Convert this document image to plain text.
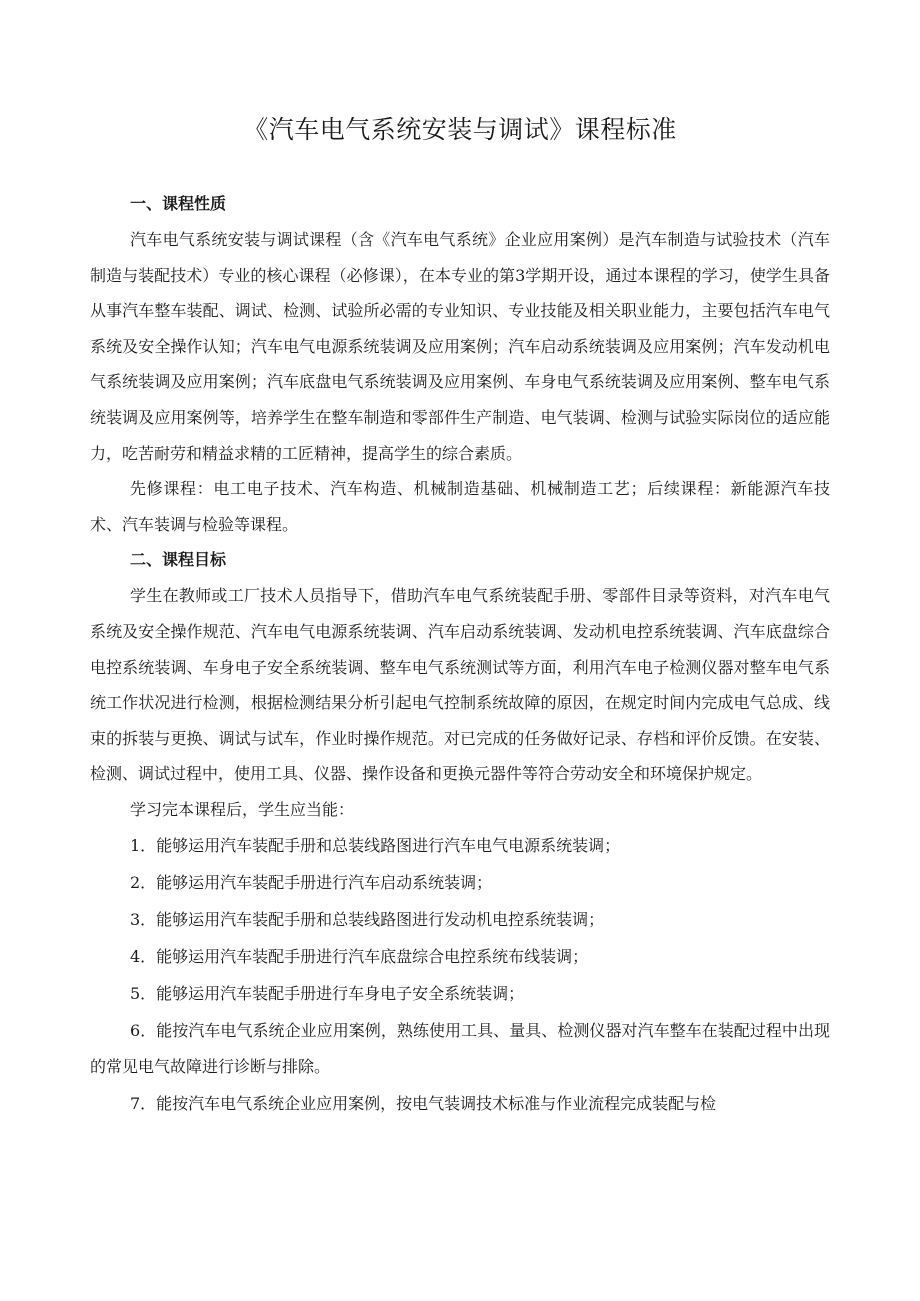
《汽车电气系统安装与调试》课程标准

一、课程性质

汽车电气系统安装与调试课程（含《汽车电气系统》企业应用案例）是汽车制造与试验技术（汽车制造与装配技术）专业的核心课程（必修课），在本专业的第3学期开设，通过本课程的学习，使学生具备从事汽车整车装配、调试、检测、试验所必需的专业知识、专业技能及相关职业能力，主要包括汽车电气系统及安全操作认知；汽车电气电源系统装调及应用案例；汽车启动系统装调及应用案例；汽车发动机电气系统装调及应用案例；汽车底盘电气系统装调及应用案例、车身电气系统装调及应用案例、整车电气系统装调及应用案例等，培养学生在整车制造和零部件生产制造、电气装调、检测与试验实际岗位的适应能力，吃苦耐劳和精益求精的工匠精神，提高学生的综合素质。

先修课程：电工电子技术、汽车构造、机械制造基础、机械制造工艺；后续课程：新能源汽车技术、汽车装调与检验等课程。

二、课程目标

学生在教师或工厂技术人员指导下，借助汽车电气系统装配手册、零部件目录等资料，对汽车电气系统及安全操作规范、汽车电气电源系统装调、汽车启动系统装调、发动机电控系统装调、汽车底盘综合电控系统装调、车身电子安全系统装调、整车电气系统测试等方面，利用汽车电子检测仪器对整车电气系统工作状况进行检测，根据检测结果分析引起电气控制系统故障的原因，在规定时间内完成电气总成、线束的拆装与更换、调试与试车，作业时操作规范。对已完成的任务做好记录、存档和评价反馈。在安装、检测、调试过程中，使用工具、仪器、操作设备和更换元器件等符合劳动安全和环境保护规定。

学习完本课程后，学生应当能：

1．能够运用汽车装配手册和总装线路图进行汽车电气电源系统装调；

2．能够运用汽车装配手册进行汽车启动系统装调；

3．能够运用汽车装配手册和总装线路图进行发动机电控系统装调；

4．能够运用汽车装配手册进行汽车底盘综合电控系统布线装调；

5．能够运用汽车装配手册进行车身电子安全系统装调；

6．能按汽车电气系统企业应用案例，熟练使用工具、量具、检测仪器对汽车整车在装配过程中出现的常见电气故障进行诊断与排除。

7．能按汽车电气系统企业应用案例，按电气装调技术标准与作业流程完成装配与检
